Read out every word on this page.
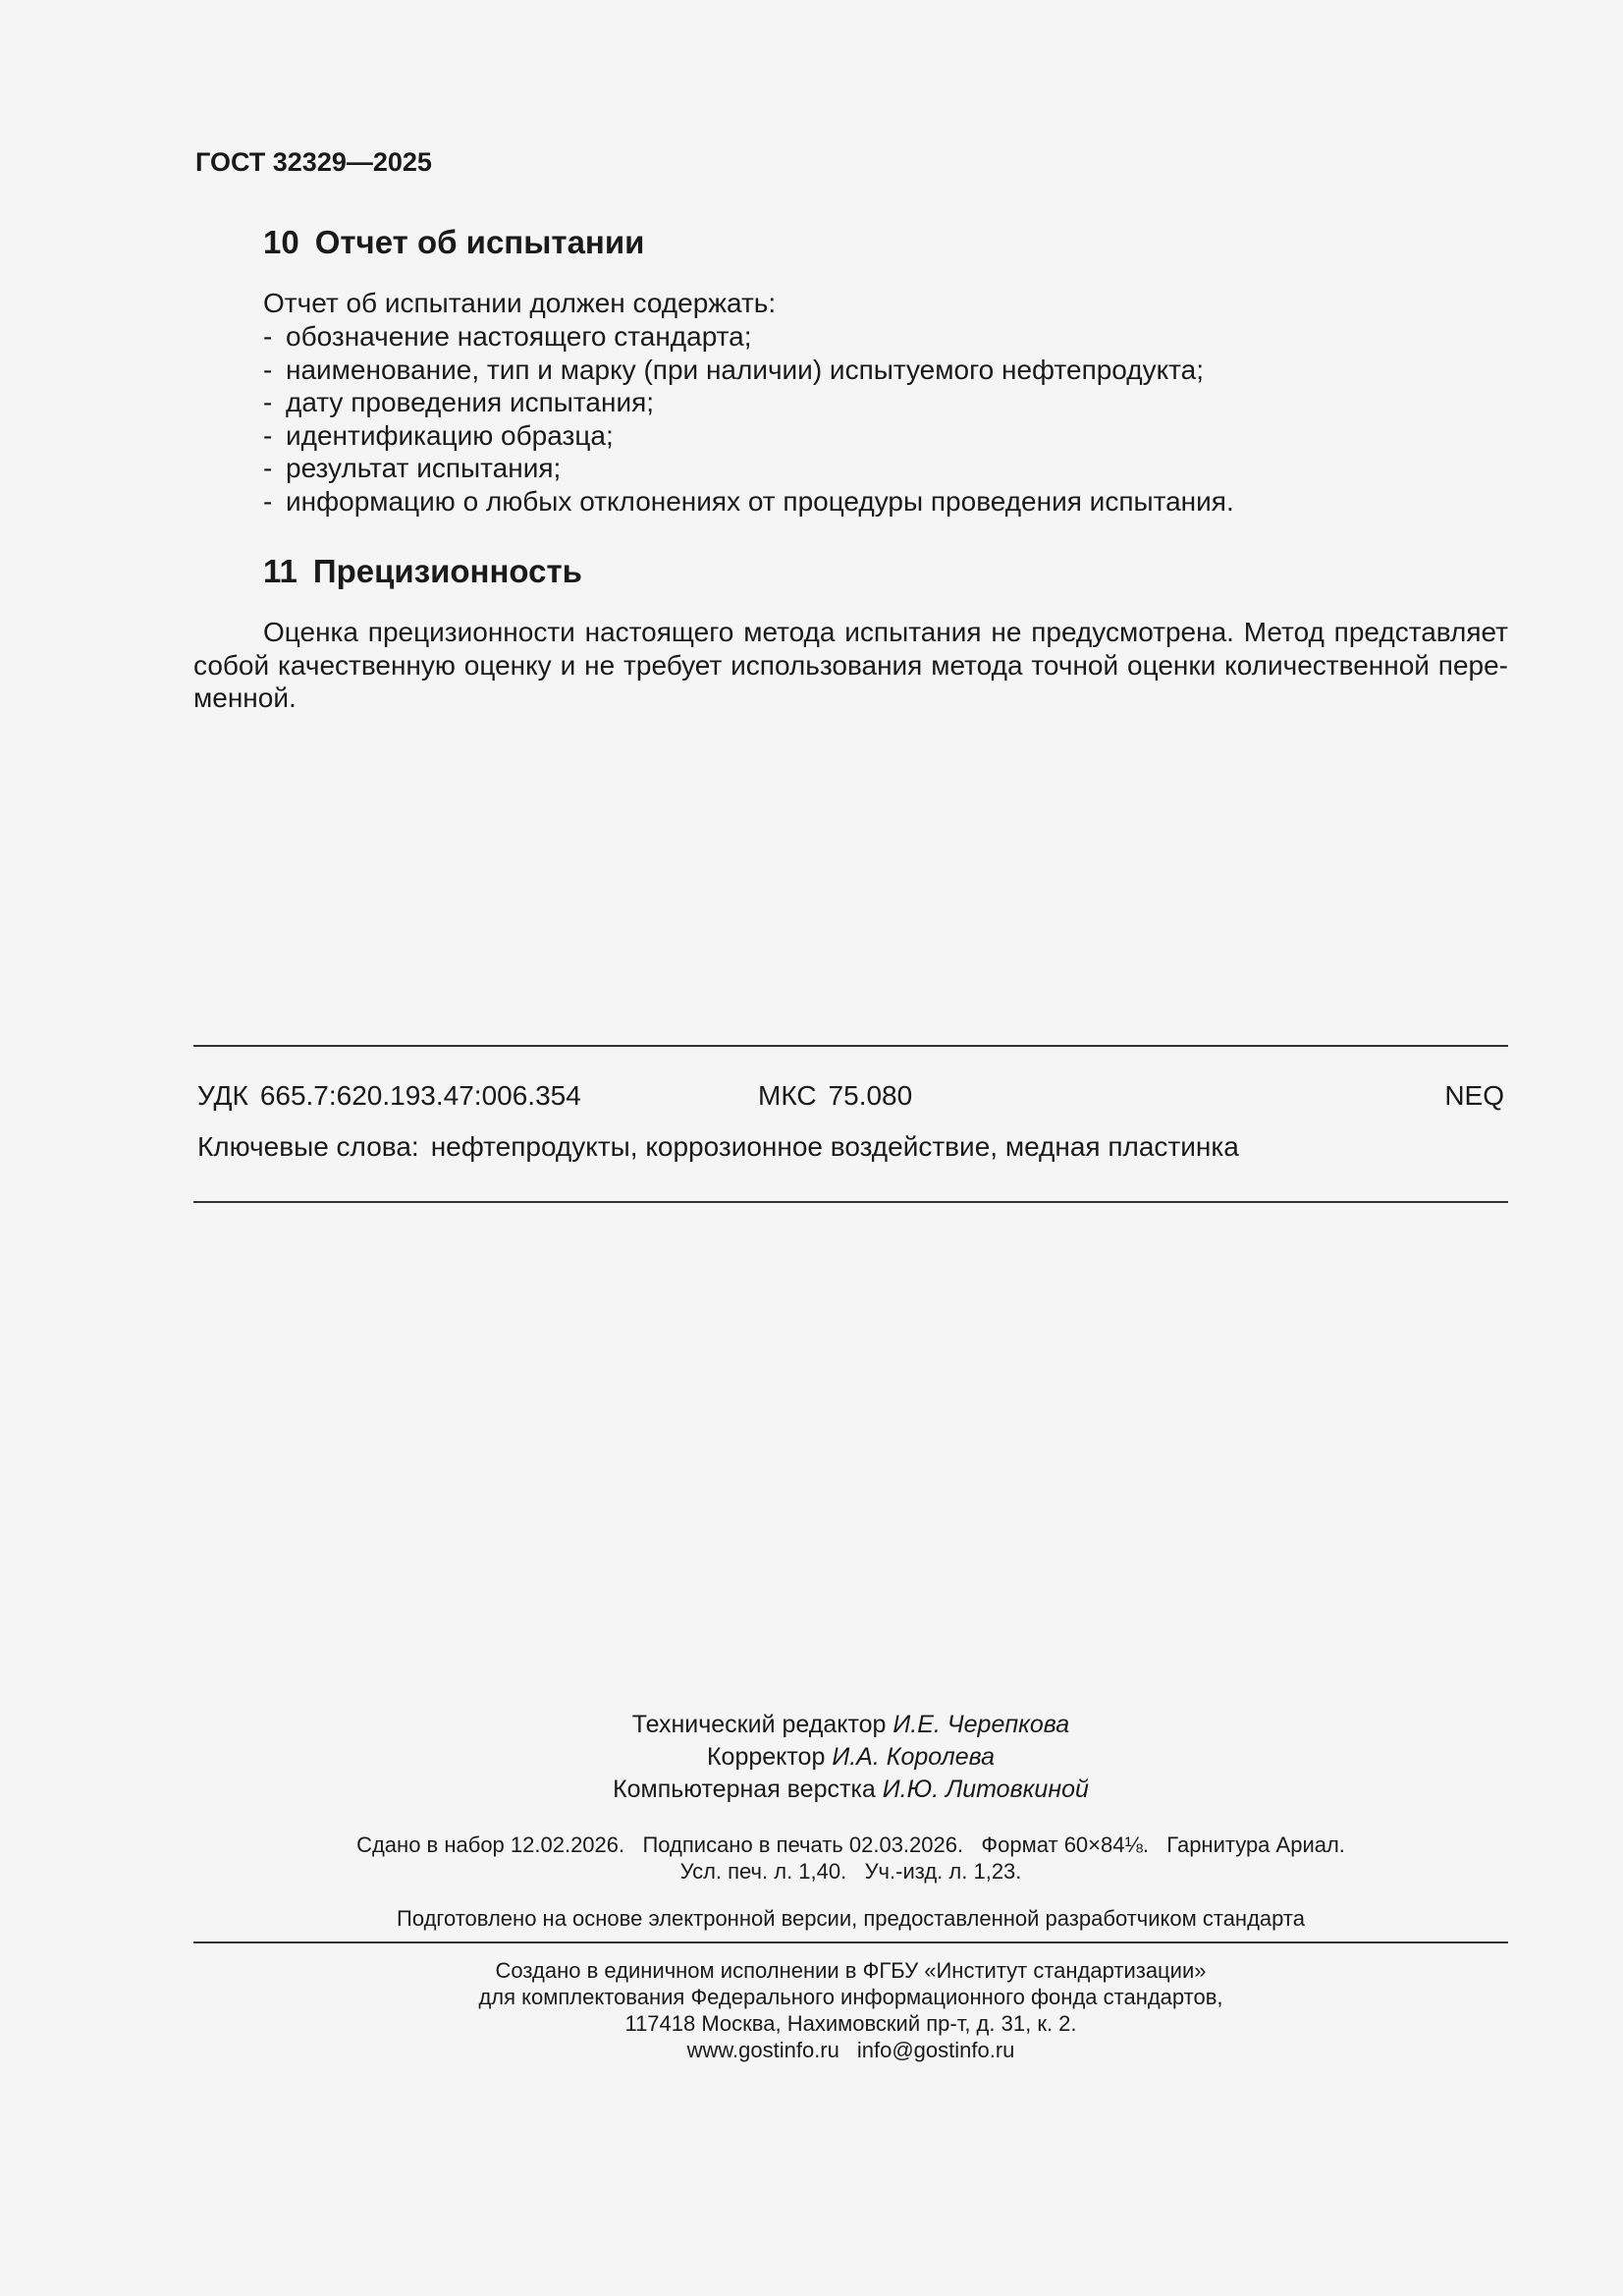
ГОСТ 32329—2025
10 Отчет об испытании
Отчет об испытании должен содержать:
- обозначение настоящего стандарта;
- наименование, тип и марку (при наличии) испытуемого нефтепродукта;
- дату проведения испытания;
- идентификацию образца;
- результат испытания;
- информацию о любых отклонениях от процедуры проведения испытания.
11 Прецизионность
Оценка прецизионности настоящего метода испытания не предусмотрена. Метод представляет
собой качественную оценку и не требует использования метода точной оценки количественной пере-
менной.
УДК 665.7:620.193.47:006.354	МКС 75.080	NEQ
Ключевые слова: нефтепродукты, коррозионное воздействие, медная пластинка
Технический редактор И.Е. Черепкова
Корректор И.А. Королева
Компьютерная верстка И.Ю. Литовкиной
Сдано в набор 12.02.2026.   Подписано в печать 02.03.2026.   Формат 60×84⅛.   Гарнитура Ариал.
Усл. печ. л. 1,40.   Уч.-изд. л. 1,23.
Подготовлено на основе электронной версии, предоставленной разработчиком стандарта
Создано в единичном исполнении в ФГБУ «Институт стандартизации»
для комплектования Федерального информационного фонда стандартов,
117418 Москва, Нахимовский пр-т, д. 31, к. 2.
www.gostinfo.ru info@gostinfo.ru
